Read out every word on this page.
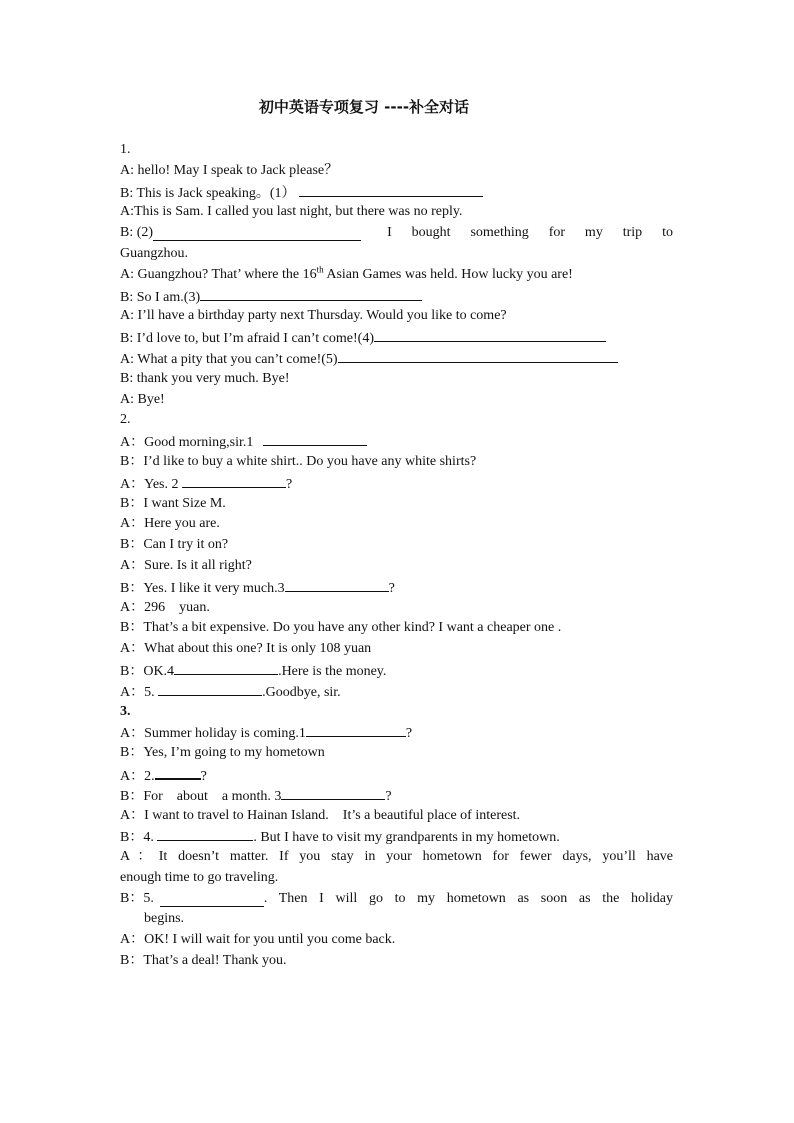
初中英语专项复习 ----补全对话
1.
A: hello! May I speak to Jack please？
B: This is Jack speaking。(1）
A:This is Sam. I called you last night, but there was no reply.
B: (2)	I bought something for my trip to
Guangzhou.
A: Guangzhou? That’ where the 16th Asian Games was held. How lucky you are!
B: So I am.(3)
A: I’ll have a birthday party next Thursday. Would you like to come?
B: I’d love to, but I’m afraid I can’t come!(4)
A: What a pity that you can’t come!(5)
B: thank you very much. Bye!
A: Bye!
2.
A：Good morning,sir.1
B：I’d like to buy a white shirt.. Do you have any white shirts?
A：Yes. 2	?
B：I want Size M.
A：Here you are.
B：Can I try it on?
A：Sure. Is it all right?
B：Yes. I like it very much.3	?
A：296    yuan.
B：That’s a bit expensive. Do you have any other kind? I want a cheaper one .
A：What about this one? It is only 108 yuan
B：OK.4	.Here is the money.
A：5.	.Goodbye, sir.
3.
A：Summer holiday is coming.1	?
B：Yes, I’m going to my hometown
A：2.	?
B：For    about    a month. 3	?
A：I want to travel to Hainan Island.    It’s a beautiful place of interest.
B：4.	. But I have to visit my grandparents in my hometown.
A：It doesn’t matter. If you stay in your hometown for fewer days, you’ll have
enough time to go traveling.
B：5.	. Then I will go to my hometown as soon as the holiday
begins.
A：OK! I will wait for you until you come back.
B：That’s a deal! Thank you.
